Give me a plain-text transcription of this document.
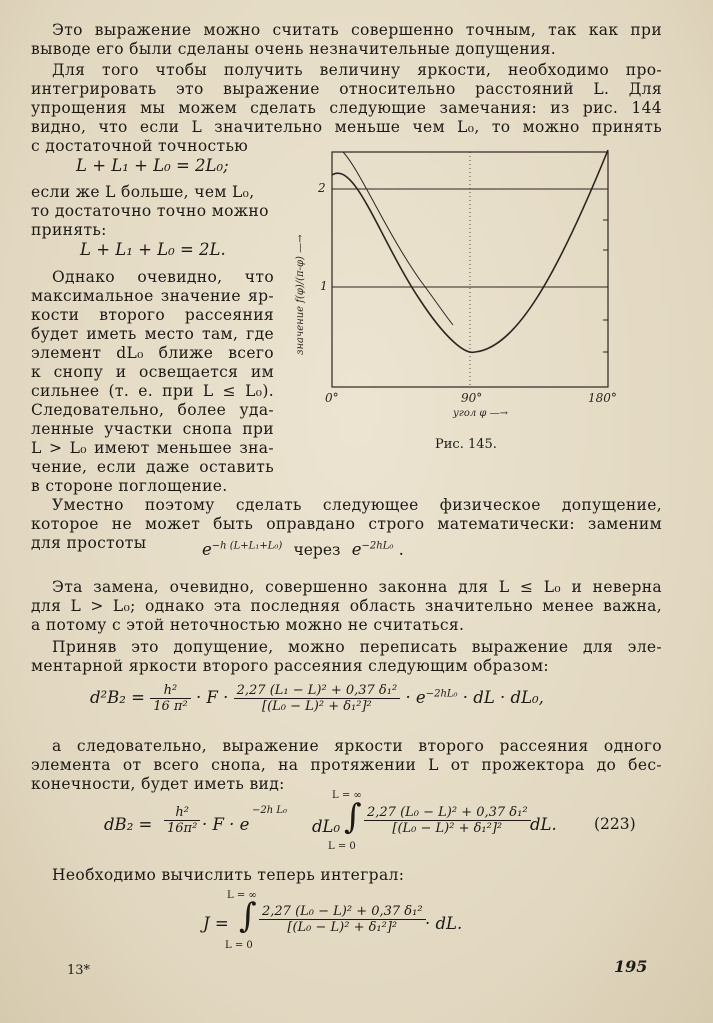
Это выражение можно считать совершенно точным, так как при
выводе его были сделаны очень незначительные допущения.
Для того чтобы получить величину яркости, необходимо про-
интегрировать это выражение относительно расстояний L. Для
упрощения мы можем сделать следующие замечания: из рис. 144
видно, что если L значительно меньше чем L₀, то можно принять
с достаточной точностью
L + L₁ + L₀ = 2L₀;
если же L больше, чем L₀,
то достаточно точно можно
принять:
L + L₁ + L₀ = 2L.
Однако очевидно, что
максимальное значение яр-
кости второго рассеяния
будет иметь место там, где
элемент dL₀ ближе всего
к снопу и освещается им
сильнее (т. е. при L ≤ L₀).
Следовательно, более уда-
ленные участки снопа при
L > L₀ имеют меньшее зна-
чение, если даже оставить
в стороне поглощение.
2
1
0°	90°	180°
угол φ —→
значение f(φ)/(π-φ) —→
Рис. 145.
Уместно поэтому сделать следующее физическое допущение,
которое не может быть оправдано строго математически: заменим
для простоты	$e^{-h (L+L_1+L_0)}$ через $e^{-2hL_0}$ .
Эта замена, очевидно, совершенно законна для L ≤ L₀ и неверна
для L > L₀; однако эта последняя область значительно менее важна,
а потому с этой неточностью можно не считаться.
Приняв это допущение, можно переписать выражение для эле-
ментарной яркости второго рассеяния следующим образом:
$d^2B_2 = \frac{\text{h²}}{\text{16 π²}} \cdot F \cdot \frac{\text{2,27 (L₁ − L)² + 0,37 δ₁²}}{\text{[(L₀ − L)² + δ₁²]²}} \cdot e^{-2hL_0}$ · dL · dL₀,
а следовательно, выражение яркости второго рассеяния одного
элемента от всего снопа, на протяжении L от прожектора до бес-
конечности, будет иметь вид:
$dB_2 = \frac{\text{h²}}{\text{16π²}} \cdot F \cdot e$
−2h L₀
dL₀
L = ∞
∫
L = 0
$\frac{\text{2,27 (L₀ − L)² + 0,37 δ₁²}}{\text{[(L₀ − L)² + δ₁²]²}}$ dL. (223)
Необходимо вычислить теперь интеграл:
J =
L = ∞
∫
L = 0
$\frac{\text{2,27 (L₀ − L)² + 0,37 δ₁²}}{\text{[(L₀ − L)² + δ₁²]²}}$ · dL.
13*	195
